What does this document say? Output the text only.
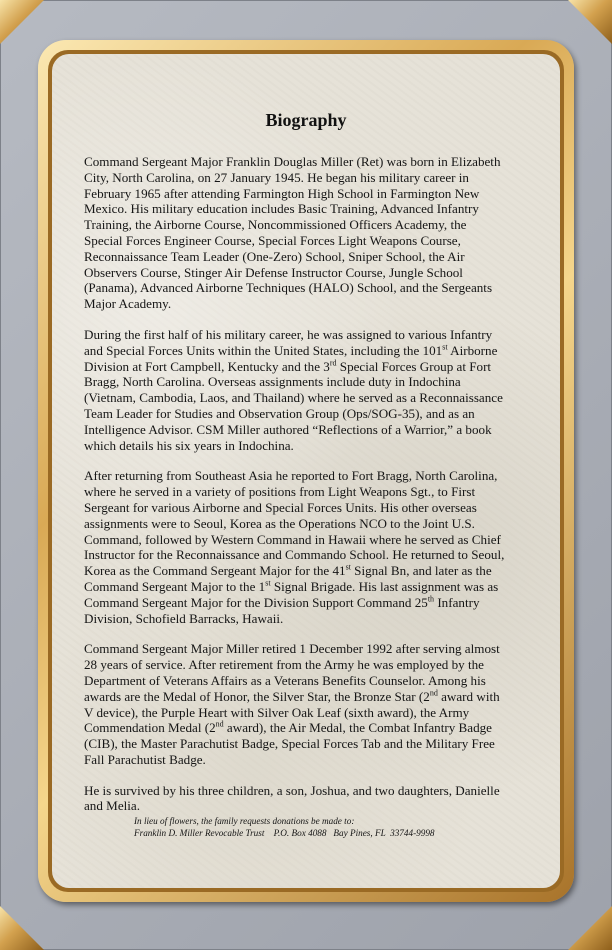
Biography

Command Sergeant Major Franklin Douglas Miller (Ret) was born in Elizabeth
City, North Carolina, on 27 January 1945. He began his military career in
February 1965 after attending Farmington High School in Farmington New
Mexico. His military education includes Basic Training, Advanced Infantry
Training, the Airborne Course, Noncommissioned Officers Academy, the
Special Forces Engineer Course, Special Forces Light Weapons Course,
Reconnaissance Team Leader (One-Zero) School, Sniper School, the Air
Observers Course, Stinger Air Defense Instructor Course, Jungle School
(Panama), Advanced Airborne Techniques (HALO) School, and the Sergeants
Major Academy.

During the first half of his military career, he was assigned to various Infantry
and Special Forces Units within the United States, including the 101st Airborne
Division at Fort Campbell, Kentucky and the 3rd Special Forces Group at Fort
Bragg, North Carolina. Overseas assignments include duty in Indochina
(Vietnam, Cambodia, Laos, and Thailand) where he served as a Reconnaissance
Team Leader for Studies and Observation Group (Ops/SOG-35), and as an
Intelligence Advisor. CSM Miller authored “Reflections of a Warrior,” a book
which details his six years in Indochina.

After returning from Southeast Asia he reported to Fort Bragg, North Carolina,
where he served in a variety of positions from Light Weapons Sgt., to First
Sergeant for various Airborne and Special Forces Units. His other overseas
assignments were to Seoul, Korea as the Operations NCO to the Joint U.S.
Command, followed by Western Command in Hawaii where he served as Chief
Instructor for the Reconnaissance and Commando School. He returned to Seoul,
Korea as the Command Sergeant Major for the 41st Signal Bn, and later as the
Command Sergeant Major to the 1st Signal Brigade. His last assignment was as
Command Sergeant Major for the Division Support Command 25th Infantry
Division, Schofield Barracks, Hawaii.

Command Sergeant Major Miller retired 1 December 1992 after serving almost
28 years of service. After retirement from the Army he was employed by the
Department of Veterans Affairs as a Veterans Benefits Counselor. Among his
awards are the Medal of Honor, the Silver Star, the Bronze Star (2nd award with
V device), the Purple Heart with Silver Oak Leaf (sixth award), the Army
Commendation Medal (2nd award), the Air Medal, the Combat Infantry Badge
(CIB), the Master Parachutist Badge, Special Forces Tab and the Military Free
Fall Parachutist Badge.

He is survived by his three children, a son, Joshua, and two daughters, Danielle
and Melia.

In lieu of flowers, the family requests donations be made to:
Franklin D. Miller Revocable Trust    P.O. Box 4088   Bay Pines, FL  33744-9998
